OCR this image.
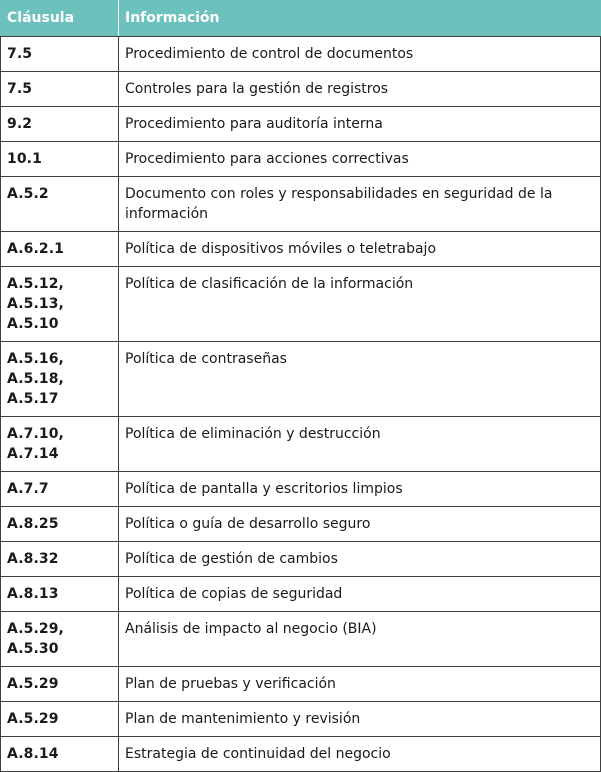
Cláusula	Información
7.5	Procedimiento de control de documentos
7.5	Controles para la gestión de registros
9.2	Procedimiento para auditoría interna
10.1	Procedimiento para acciones correctivas
A.5.2	Documento con roles y responsabilidades en seguridad de la información
A.6.2.1	Política de dispositivos móviles o teletrabajo
A.5.12,
A.5.13,
A.5.10	Política de clasificación de la información
A.5.16,
A.5.18,
A.5.17	Política de contraseñas
A.7.10,
A.7.14	Política de eliminación y destrucción
A.7.7	Política de pantalla y escritorios limpios
A.8.25	Política o guía de desarrollo seguro
A.8.32	Política de gestión de cambios
A.8.13	Política de copias de seguridad
A.5.29,
A.5.30	Análisis de impacto al negocio (BIA)
A.5.29	Plan de pruebas y verificación
A.5.29	Plan de mantenimiento y revisión
A.8.14	Estrategia de continuidad del negocio
